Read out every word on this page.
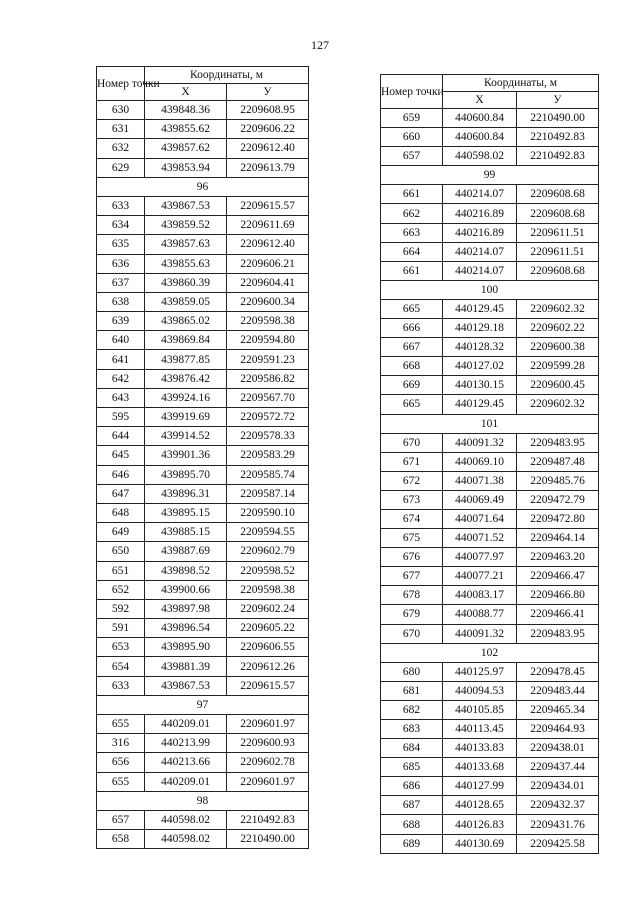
127
Номер точки	Координаты, м	
	X	У
630	439848.36	2209608.95
631	439855.62	2209606.22
632	439857.62	2209612.40
629	439853.94	2209613.79
96		
633	439867.53	2209615.57
634	439859.52	2209611.69
635	439857.63	2209612.40
636	439855.63	2209606.21
637	439860.39	2209604.41
638	439859.05	2209600.34
639	439865.02	2209598.38
640	439869.84	2209594.80
641	439877.85	2209591.23
642	439876.42	2209586.82
643	439924.16	2209567.70
595	439919.69	2209572.72
644	439914.52	2209578.33
645	439901.36	2209583.29
646	439895.70	2209585.74
647	439896.31	2209587.14
648	439895.15	2209590.10
649	439885.15	2209594.55
650	439887.69	2209602.79
651	439898.52	2209598.52
652	439900.66	2209598.38
592	439897.98	2209602.24
591	439896.54	2209605.22
653	439895.90	2209606.55
654	439881.39	2209612.26
633	439867.53	2209615.57
97		
655	440209.01	2209601.97
316	440213.99	2209600.93
656	440213.66	2209602.78
655	440209.01	2209601.97
98		
657	440598.02	2210492.83
658	440598.02	2210490.00
Номер точки	Координаты, м	
	X	У
659	440600.84	2210490.00
660	440600.84	2210492.83
657	440598.02	2210492.83
99		
661	440214.07	2209608.68
662	440216.89	2209608.68
663	440216.89	2209611.51
664	440214.07	2209611.51
661	440214.07	2209608.68
100		
665	440129.45	2209602.32
666	440129.18	2209602.22
667	440128.32	2209600.38
668	440127.02	2209599.28
669	440130.15	2209600.45
665	440129.45	2209602.32
101		
670	440091.32	2209483.95
671	440069.10	2209487.48
672	440071.38	2209485.76
673	440069.49	2209472.79
674	440071.64	2209472.80
675	440071.52	2209464.14
676	440077.97	2209463.20
677	440077.21	2209466.47
678	440083.17	2209466.80
679	440088.77	2209466.41
670	440091.32	2209483.95
102		
680	440125.97	2209478.45
681	440094.53	2209483.44
682	440105.85	2209465.34
683	440113.45	2209464.93
684	440133.83	2209438.01
685	440133.68	2209437.44
686	440127.99	2209434.01
687	440128.65	2209432.37
688	440126.83	2209431.76
689	440130.69	2209425.58
